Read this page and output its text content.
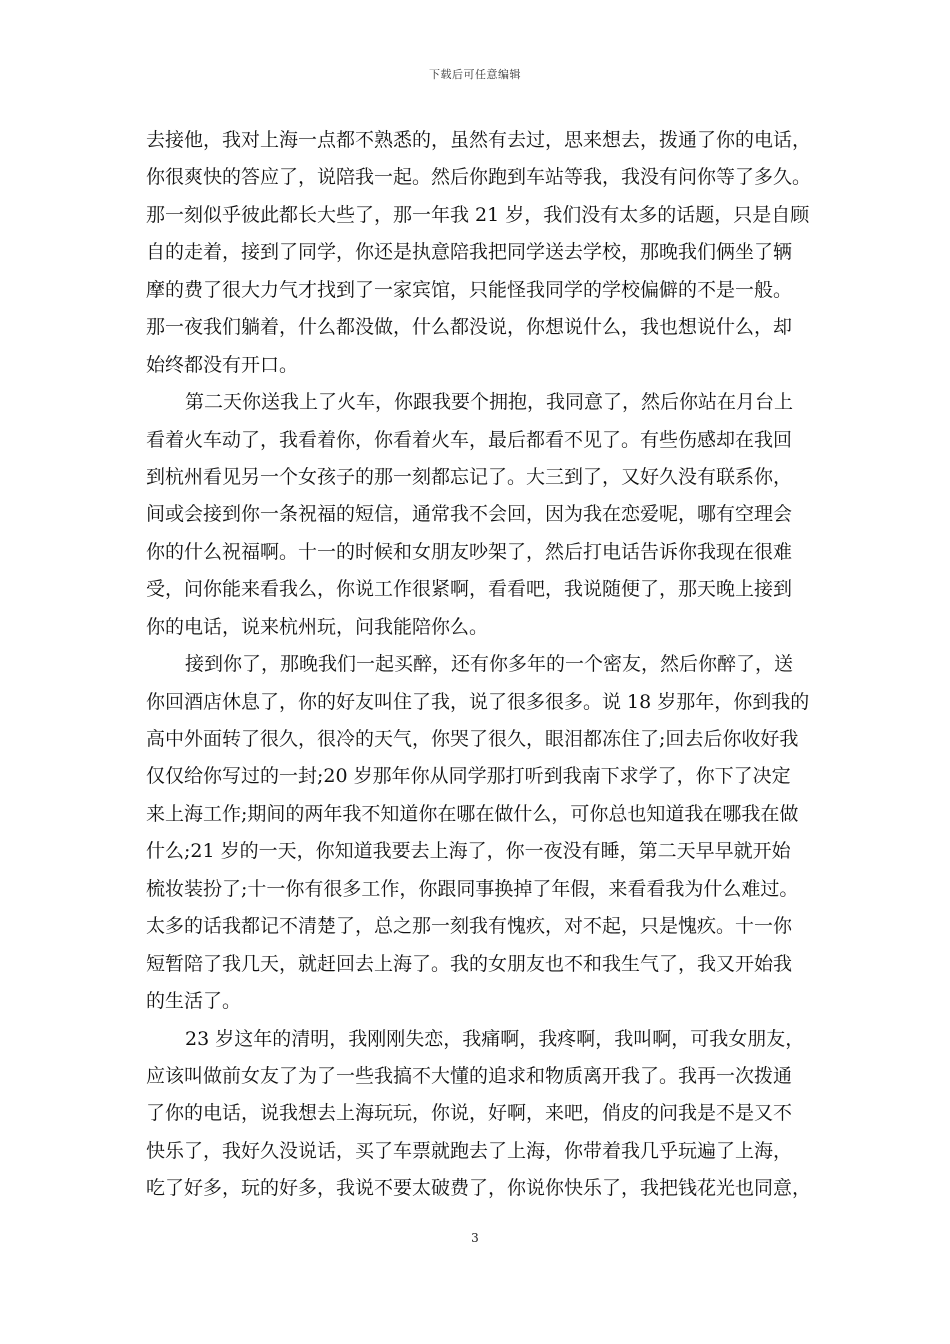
下载后可任意编辑
去接他，我对上海一点都不熟悉的，虽然有去过，思来想去，拨通了你的电话，
你很爽快的答应了，说陪我一起。然后你跑到车站等我，我没有问你等了多久。
那一刻似乎彼此都长大些了，那一年我 21 岁，我们没有太多的话题，只是自顾
自的走着，接到了同学，你还是执意陪我把同学送去学校，那晚我们俩坐了辆
摩的费了很大力气才找到了一家宾馆，只能怪我同学的学校偏僻的不是一般。
那一夜我们躺着，什么都没做，什么都没说，你想说什么，我也想说什么，却
始终都没有开口。
第二天你送我上了火车，你跟我要个拥抱，我同意了，然后你站在月台上
看着火车动了，我看着你，你看着火车，最后都看不见了。有些伤感却在我回
到杭州看见另一个女孩子的那一刻都忘记了。大三到了，又好久没有联系你，
间或会接到你一条祝福的短信，通常我不会回，因为我在恋爱呢，哪有空理会
你的什么祝福啊。十一的时候和女朋友吵架了，然后打电话告诉你我现在很难
受，问你能来看我么，你说工作很紧啊，看看吧，我说随便了，那天晚上接到
你的电话，说来杭州玩，问我能陪你么。
接到你了，那晚我们一起买醉，还有你多年的一个密友，然后你醉了，送
你回酒店休息了，你的好友叫住了我，说了很多很多。说 18 岁那年，你到我的
高中外面转了很久，很冷的天气，你哭了很久，眼泪都冻住了;回去后你收好我
仅仅给你写过的一封;20 岁那年你从同学那打听到我南下求学了，你下了决定
来上海工作;期间的两年我不知道你在哪在做什么，可你总也知道我在哪我在做
什么;21 岁的一天，你知道我要去上海了，你一夜没有睡，第二天早早就开始
梳妆装扮了;十一你有很多工作，你跟同事换掉了年假，来看看我为什么难过。
太多的话我都记不清楚了，总之那一刻我有愧疚，对不起，只是愧疚。十一你
短暂陪了我几天，就赶回去上海了。我的女朋友也不和我生气了，我又开始我
的生活了。
23 岁这年的清明，我刚刚失恋，我痛啊，我疼啊，我叫啊，可我女朋友，
应该叫做前女友了为了一些我搞不大懂的追求和物质离开我了。我再一次拨通
了你的电话，说我想去上海玩玩，你说，好啊，来吧，俏皮的问我是不是又不
快乐了，我好久没说话，买了车票就跑去了上海，你带着我几乎玩遍了上海，
吃了好多，玩的好多，我说不要太破费了，你说你快乐了，我把钱花光也同意，
3
